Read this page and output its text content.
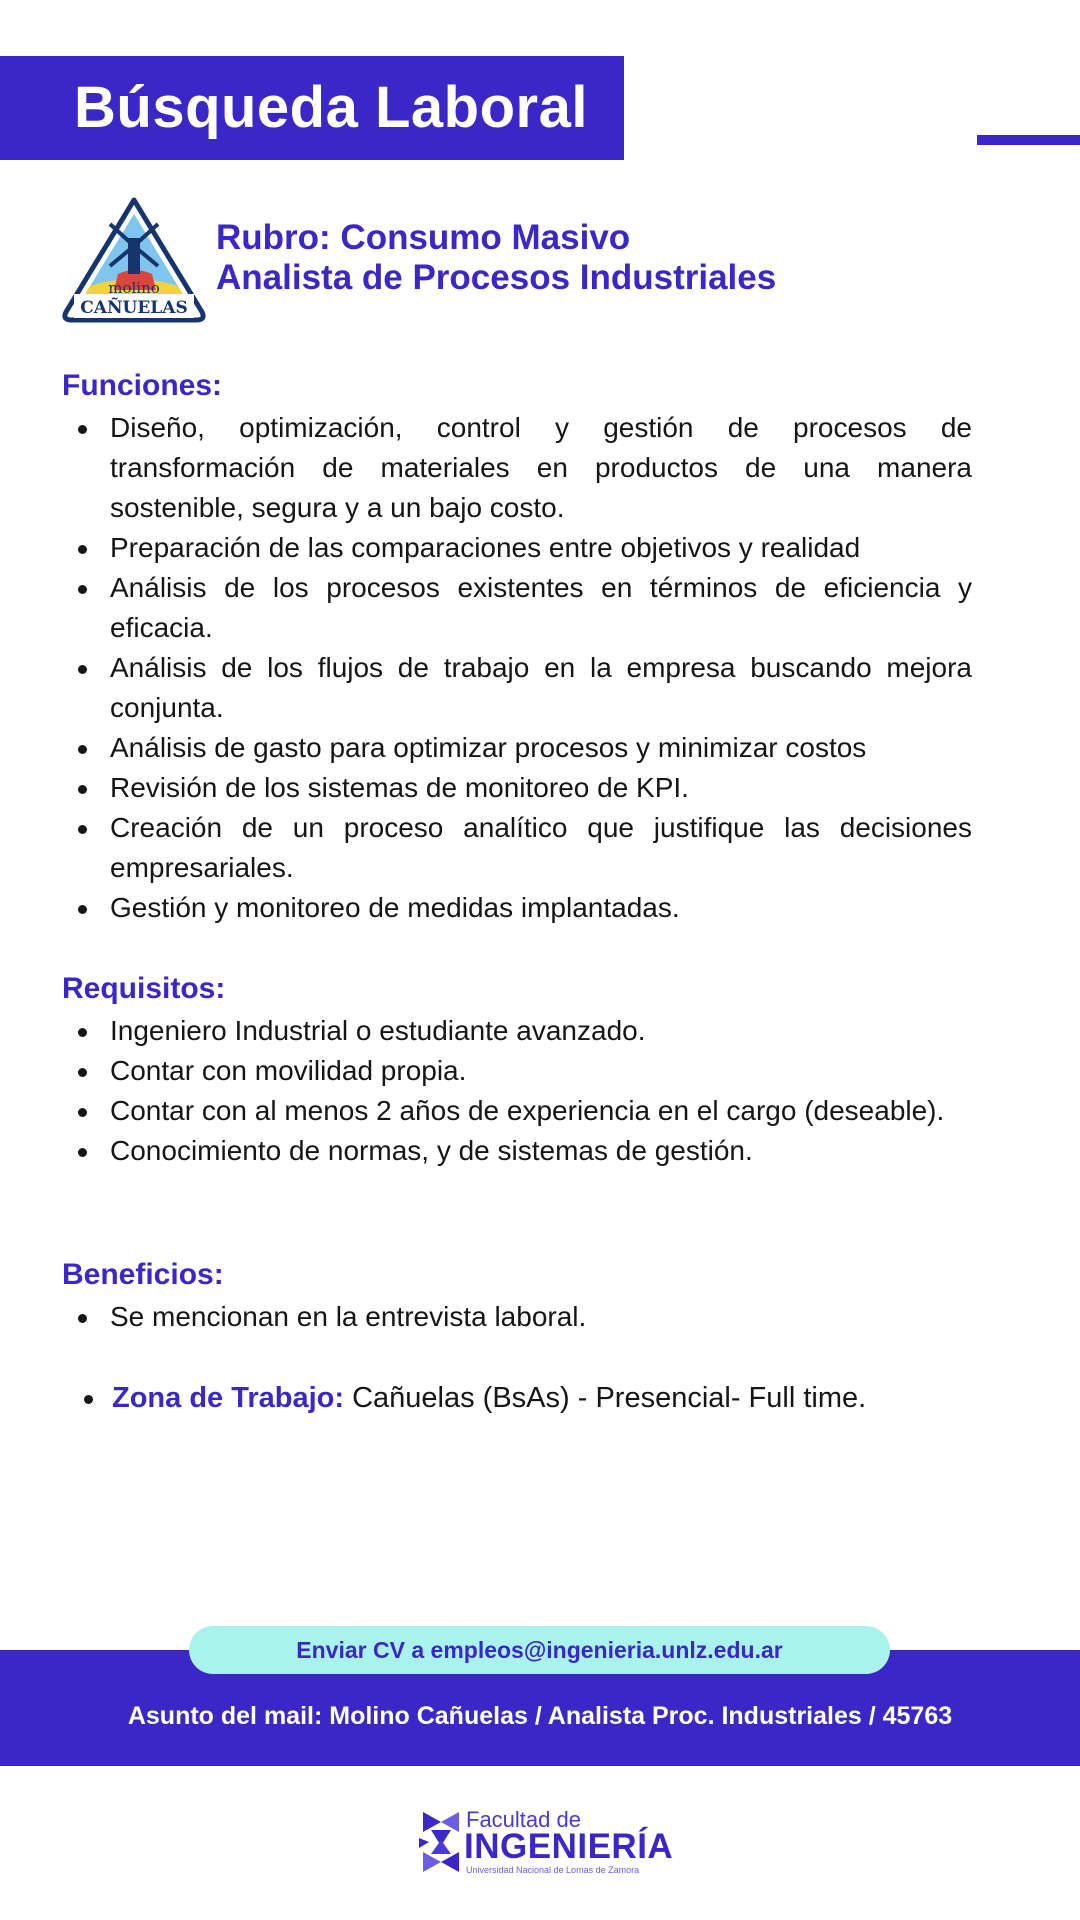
Búsqueda Laboral
molino
CAÑUELAS
Rubro: Consumo Masivo
Analista de Procesos Industriales
Funciones:
Diseño, optimización, control y gestión de procesos de transformación de materiales en productos de una manera sostenible, segura y a un bajo costo.
Preparación de las comparaciones entre objetivos y realidad
Análisis de los procesos existentes en términos de eficiencia y eficacia.
Análisis de los flujos de trabajo en la empresa buscando mejora conjunta.
Análisis de gasto para optimizar procesos y minimizar costos
Revisión de los sistemas de monitoreo de KPI.
Creación de un proceso analítico que justifique las decisiones empresariales.
Gestión y monitoreo de medidas implantadas.
Requisitos:
Ingeniero Industrial o estudiante avanzado.
Contar con movilidad propia.
Contar con al menos 2 años de experiencia en el cargo (deseable).
Conocimiento de normas, y de sistemas de gestión.
Beneficios:
Se mencionan en la entrevista laboral.
Zona de Trabajo: Cañuelas (BsAs) - Presencial- Full time.
Enviar CV a empleos@ingenieria.unlz.edu.ar
Asunto del mail: Molino Cañuelas / Analista Proc. Industriales / 45763
Facultad de
INGENIERÍA
Universidad Nacional de Lomas de Zamora
